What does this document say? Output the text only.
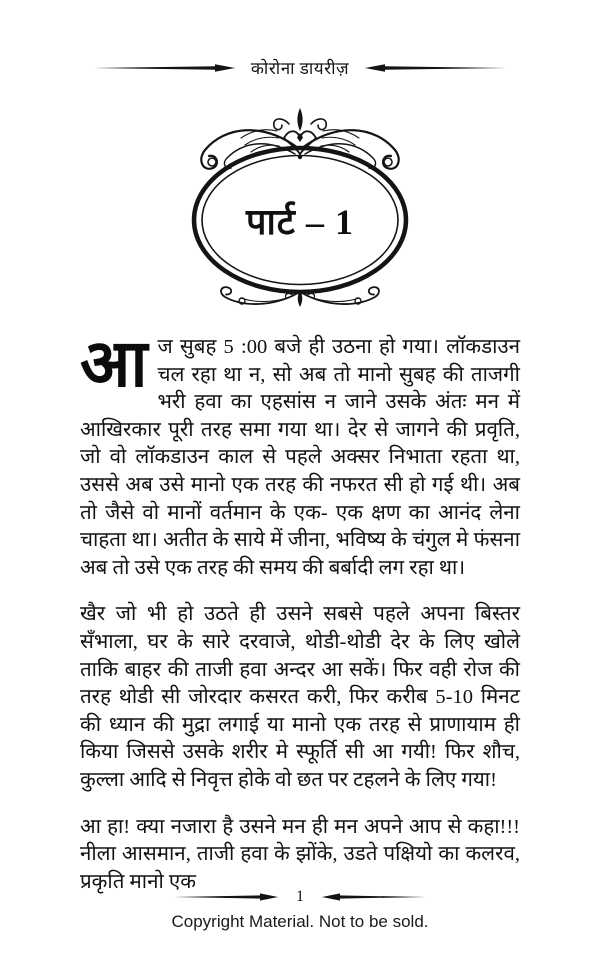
कोरोना डायरीज़
पार्ट – 1

आज सुबह 5 :00 बजे ही उठना हो गया। लॉकडाउन चल रहा था न, सो अब तो मानो सुबह की ताजगी भरी हवा का एहसांस न जाने उसके अंतः मन में आखिरकार पूरी तरह समा गया था। देर से जागने की प्रवृति, जो वो लॉकडाउन काल से पहले अक्सर निभाता रहता था, उससे अब उसे मानो एक तरह की नफरत सी हो गई थी। अब तो जैसे वो मानों वर्तमान के एक- एक क्षण का आनंद लेना चाहता था। अतीत के साये में जीना, भविष्य के चंगुल मे फंसना अब तो उसे एक तरह की समय की बर्बादी लग रहा था।

खैर जो भी हो उठते ही उसने सबसे पहले अपना बिस्तर सँभाला, घर के सारे दरवाजे, थोडी-थोडी देर के लिए खोले ताकि बाहर की ताजी हवा अन्दर आ सकें। फिर वही रोज की तरह थोडी सी जोरदार कसरत करी, फिर करीब 5-10 मिनट की ध्यान की मुद्रा लगाई या मानो एक तरह से प्राणायाम ही किया जिससे उसके शरीर मे स्फूर्ति सी आ गयी! फिर शौच, कुल्ला आदि से निवृत्त होके वो छत पर टहलने के लिए गया!

आ हा! क्या नजारा है उसने मन ही मन अपने आप से कहा!!! नीला आसमान, ताजी हवा के झोंके, उडते पक्षियो का कलरव, प्रकृति मानो एक

1
Copyright Material. Not to be sold.
